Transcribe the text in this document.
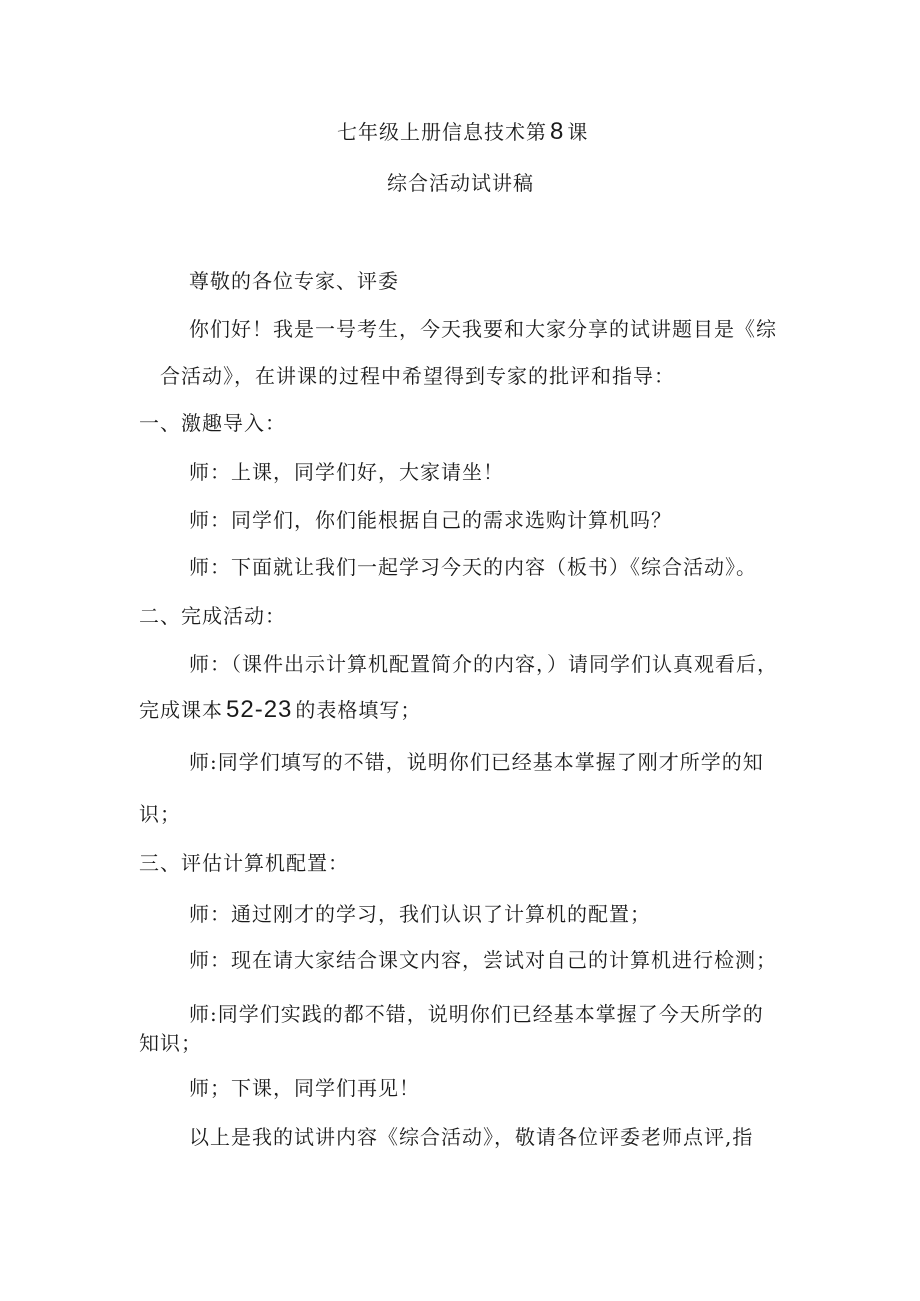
七年级上册信息技术第 8 课
综合活动试讲稿
尊敬的各位专家、评委
你们好！我是一号考生，今天我要和大家分享的试讲题目是《综
合活动》，在讲课的过程中希望得到专家的批评和指导：
一、激趣导入：
师：上课，同学们好，大家请坐！
师：同学们，你们能根据自己的需求选购计算机吗？
师：下面就让我们一起学习今天的内容（板书）《综合活动》。
二、完成活动：
师：（课件出示计算机配置简介的内容，）请同学们认真观看后，
完成课本 52-23 的表格填写；
师:同学们填写的不错，说明你们已经基本掌握了刚才所学的知
识；
三、评估计算机配置：
师：通过刚才的学习，我们认识了计算机的配置；
师：现在请大家结合课文内容，尝试对自己的计算机进行检测；
师:同学们实践的都不错，说明你们已经基本掌握了今天所学的
知识；
师；下课，同学们再见！
以上是我的试讲内容《综合活动》，敬请各位评委老师点评,指
